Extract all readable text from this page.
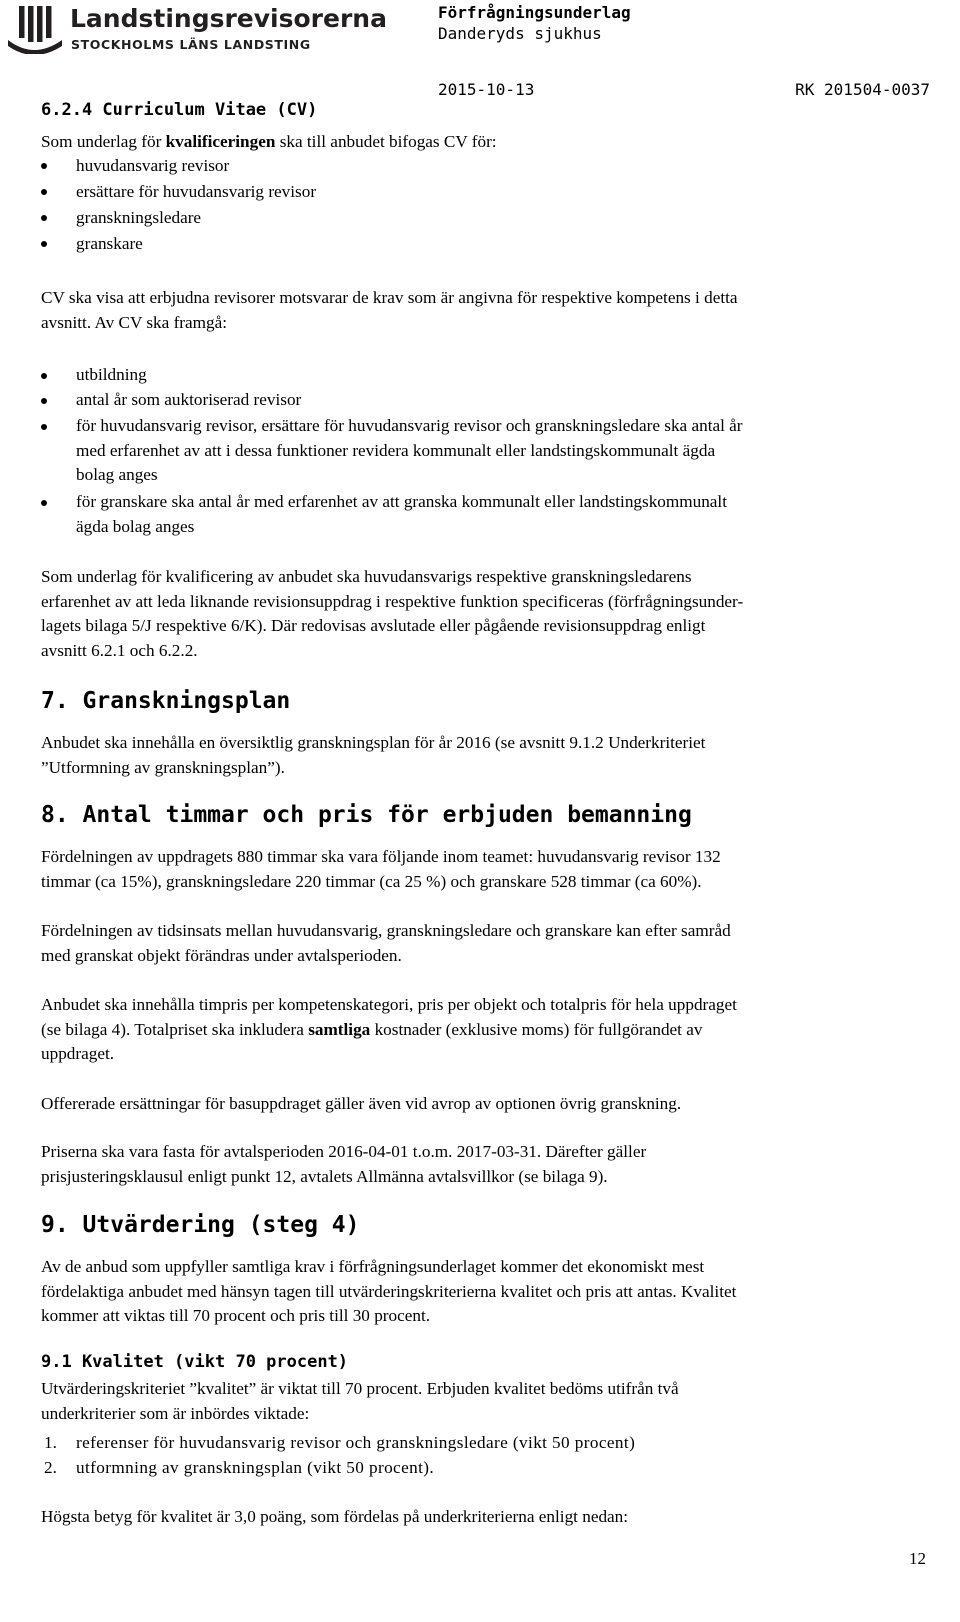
Landstingsrevisorerna
STOCKHOLMS LÄNS LANDSTING
Förfrågningsunderlag
Danderyds sjukhus
2015-10-13	RK 201504-0037
6.2.4 Curriculum Vitae (CV)
Som underlag för kvalificeringen ska till anbudet bifogas CV för:
huvudansvarig revisor
ersättare för huvudansvarig revisor
granskningsledare
granskare
CV ska visa att erbjudna revisorer motsvarar de krav som är angivna för respektive kompetens i detta
avsnitt. Av CV ska framgå:
utbildning
antal år som auktoriserad revisor
för huvudansvarig revisor, ersättare för huvudansvarig revisor och granskningsledare ska antal år
med erfarenhet av att i dessa funktioner revidera kommunalt eller landstingskommunalt ägda
bolag anges
för granskare ska antal år med erfarenhet av att granska kommunalt eller landstingskommunalt
ägda bolag anges
Som underlag för kvalificering av anbudet ska huvudansvarigs respektive granskningsledarens
erfarenhet av att leda liknande revisionsuppdrag i respektive funktion specificeras (förfrågningsunder-
lagets bilaga 5/J respektive 6/K). Där redovisas avslutade eller pågående revisionsuppdrag enligt
avsnitt 6.2.1 och 6.2.2.
7. Granskningsplan
Anbudet ska innehålla en översiktlig granskningsplan för år 2016 (se avsnitt 9.1.2 Underkriteriet
”Utformning av granskningsplan”).
8. Antal timmar och pris för erbjuden bemanning
Fördelningen av uppdragets 880 timmar ska vara följande inom teamet: huvudansvarig revisor 132
timmar (ca 15%), granskningsledare 220 timmar (ca 25 %) och granskare 528 timmar (ca 60%).
Fördelningen av tidsinsats mellan huvudansvarig, granskningsledare och granskare kan efter samråd
med granskat objekt förändras under avtalsperioden.
Anbudet ska innehålla timpris per kompetenskategori, pris per objekt och totalpris för hela uppdraget
(se bilaga 4). Totalpriset ska inkludera samtliga kostnader (exklusive moms) för fullgörandet av
uppdraget.
Offererade ersättningar för basuppdraget gäller även vid avrop av optionen övrig granskning.
Priserna ska vara fasta för avtalsperioden 2016-04-01 t.o.m. 2017-03-31. Därefter gäller
prisjusteringsklausul enligt punkt 12, avtalets Allmänna avtalsvillkor (se bilaga 9).
9. Utvärdering (steg 4)
Av de anbud som uppfyller samtliga krav i förfrågningsunderlaget kommer det ekonomiskt mest
fördelaktiga anbudet med hänsyn tagen till utvärderingskriterierna kvalitet och pris att antas. Kvalitet
kommer att viktas till 70 procent och pris till 30 procent.
9.1 Kvalitet (vikt 70 procent)
Utvärderingskriteriet ”kvalitet” är viktat till 70 procent. Erbjuden kvalitet bedöms utifrån två
underkriterier som är inbördes viktade:
1. referenser för huvudansvarig revisor och granskningsledare (vikt 50 procent)
2. utformning av granskningsplan (vikt 50 procent).
Högsta betyg för kvalitet är 3,0 poäng, som fördelas på underkriterierna enligt nedan:
12
